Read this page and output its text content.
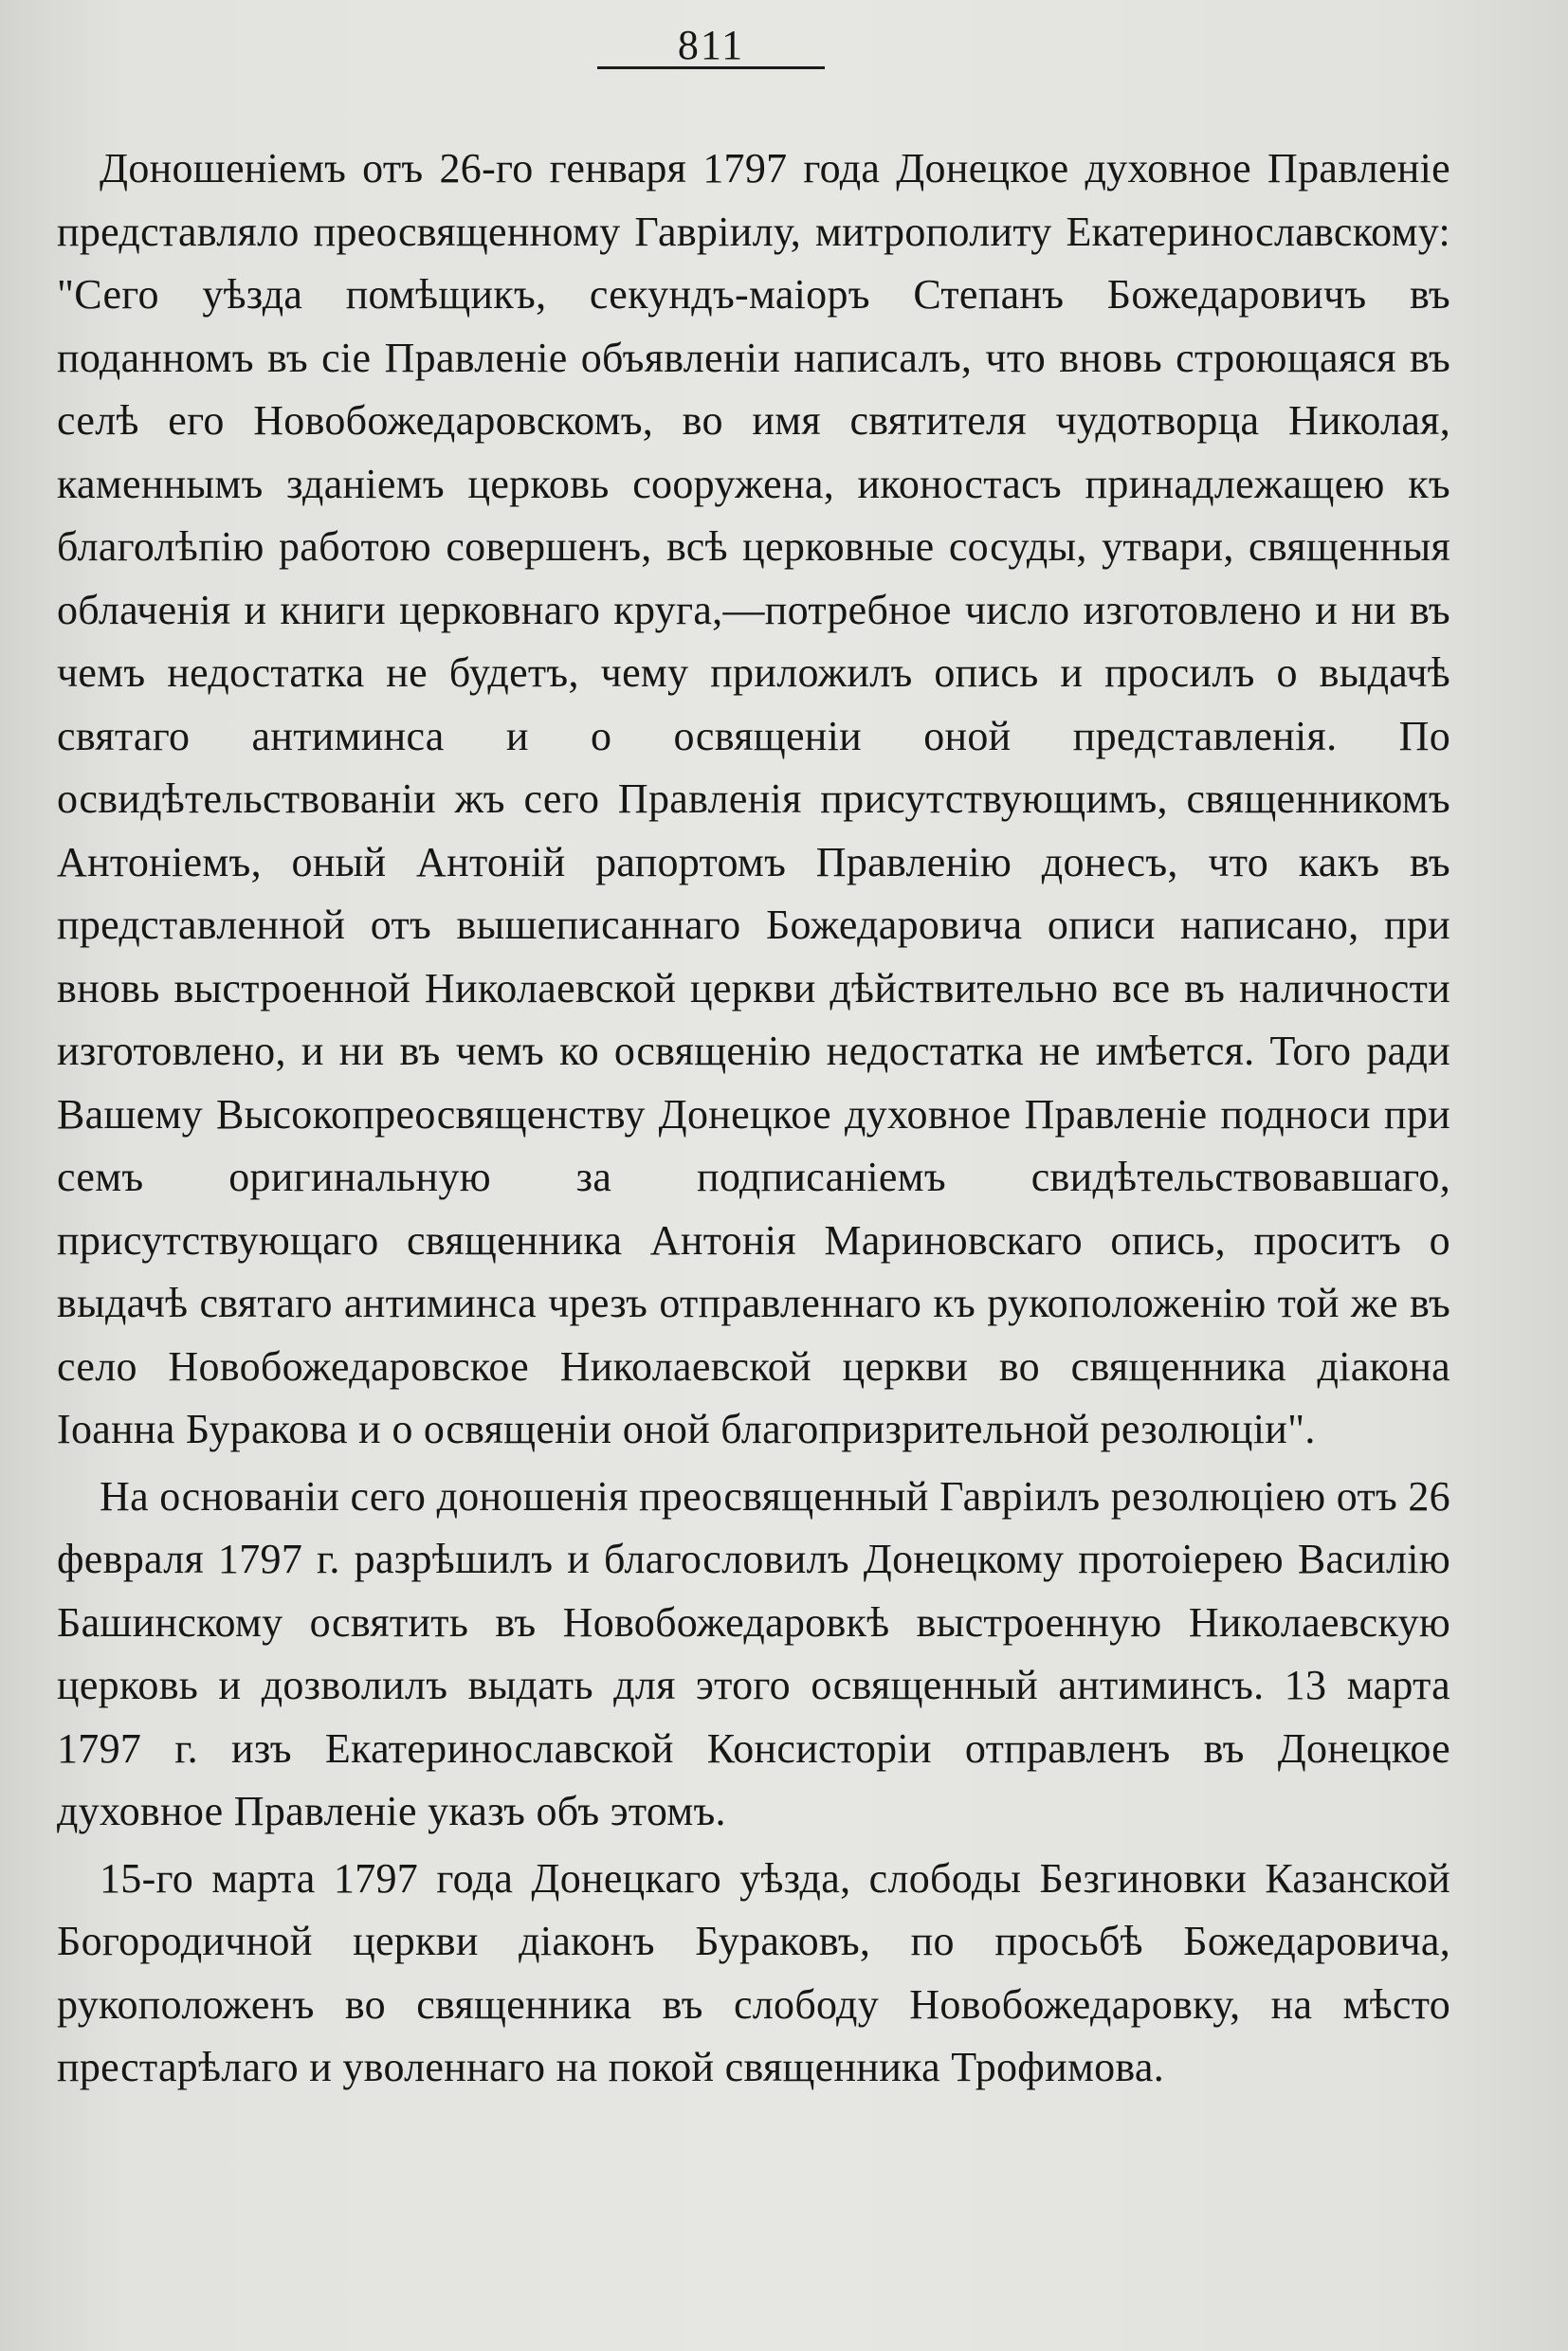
811

Доношеніемъ отъ 26-го генваря 1797 года Донецкое духовное Правленіе представляло преосвященному Гавріилу, митрополиту Екатеринославскому: "Сего уѣзда помѣщикъ, секундъ-маіоръ Степанъ Божедаровичъ въ поданномъ въ сіе Правленіе объявленіи написалъ, что вновь строющаяся въ селѣ его Новобожедаровскомъ, во имя святителя чудотворца Николая, каменнымъ зданіемъ церковь сооружена, иконостасъ принадлежащею къ благолѣпію работою совершенъ, всѣ церковные сосуды, утвари, священныя облаченія и книги церковнаго круга,—потребное число изготовлено и ни въ чемъ недостатка не будетъ, чему приложилъ опись и просилъ о выдачѣ святаго антиминса и о освященіи оной представленія. По освидѣтельствованіи жъ сего Правленія присутствующимъ, священникомъ Антоніемъ, оный Антоній рапортомъ Правленію донесъ, что какъ въ представленной отъ вышеписаннаго Божедаровича описи написано, при вновь выстроенной Николаевской церкви дѣйствительно все въ наличности изготовлено, и ни въ чемъ ко освященію недостатка не имѣется. Того ради Вашему Высокопреосвященству Донецкое духовное Правленіе подноси при семъ оригинальную за подписаніемъ свидѣтельствовавшаго, присутствующаго священника Антонія Мариновскаго опись, проситъ о выдачѣ святаго антиминса чрезъ отправленнаго къ рукоположенію той же въ село Новобожедаровское Николаевской церкви во священника діакона Іоанна Буракова и о освященіи оной благопризрительной резолюціи".

На основаніи сего доношенія преосвященный Гавріилъ резолюціею отъ 26 февраля 1797 г. разрѣшилъ и благословилъ Донецкому протоіерею Василію Башинскому освятить въ Новобожедаровкѣ выстроенную Николаевскую церковь и дозволилъ выдать для этого освященный антиминсъ. 13 марта 1797 г. изъ Екатеринославской Консисторіи отправленъ въ Донецкое духовное Правленіе указъ объ этомъ.

15-го марта 1797 года Донецкаго уѣзда, слободы Безгиновки Казанской Богородичной церкви діаконъ Бураковъ, по просьбѣ Божедаровича, рукоположенъ во священника въ слободу Новобожедаровку, на мѣсто престарѣлаго и уволеннаго на покой священника Трофимова.
